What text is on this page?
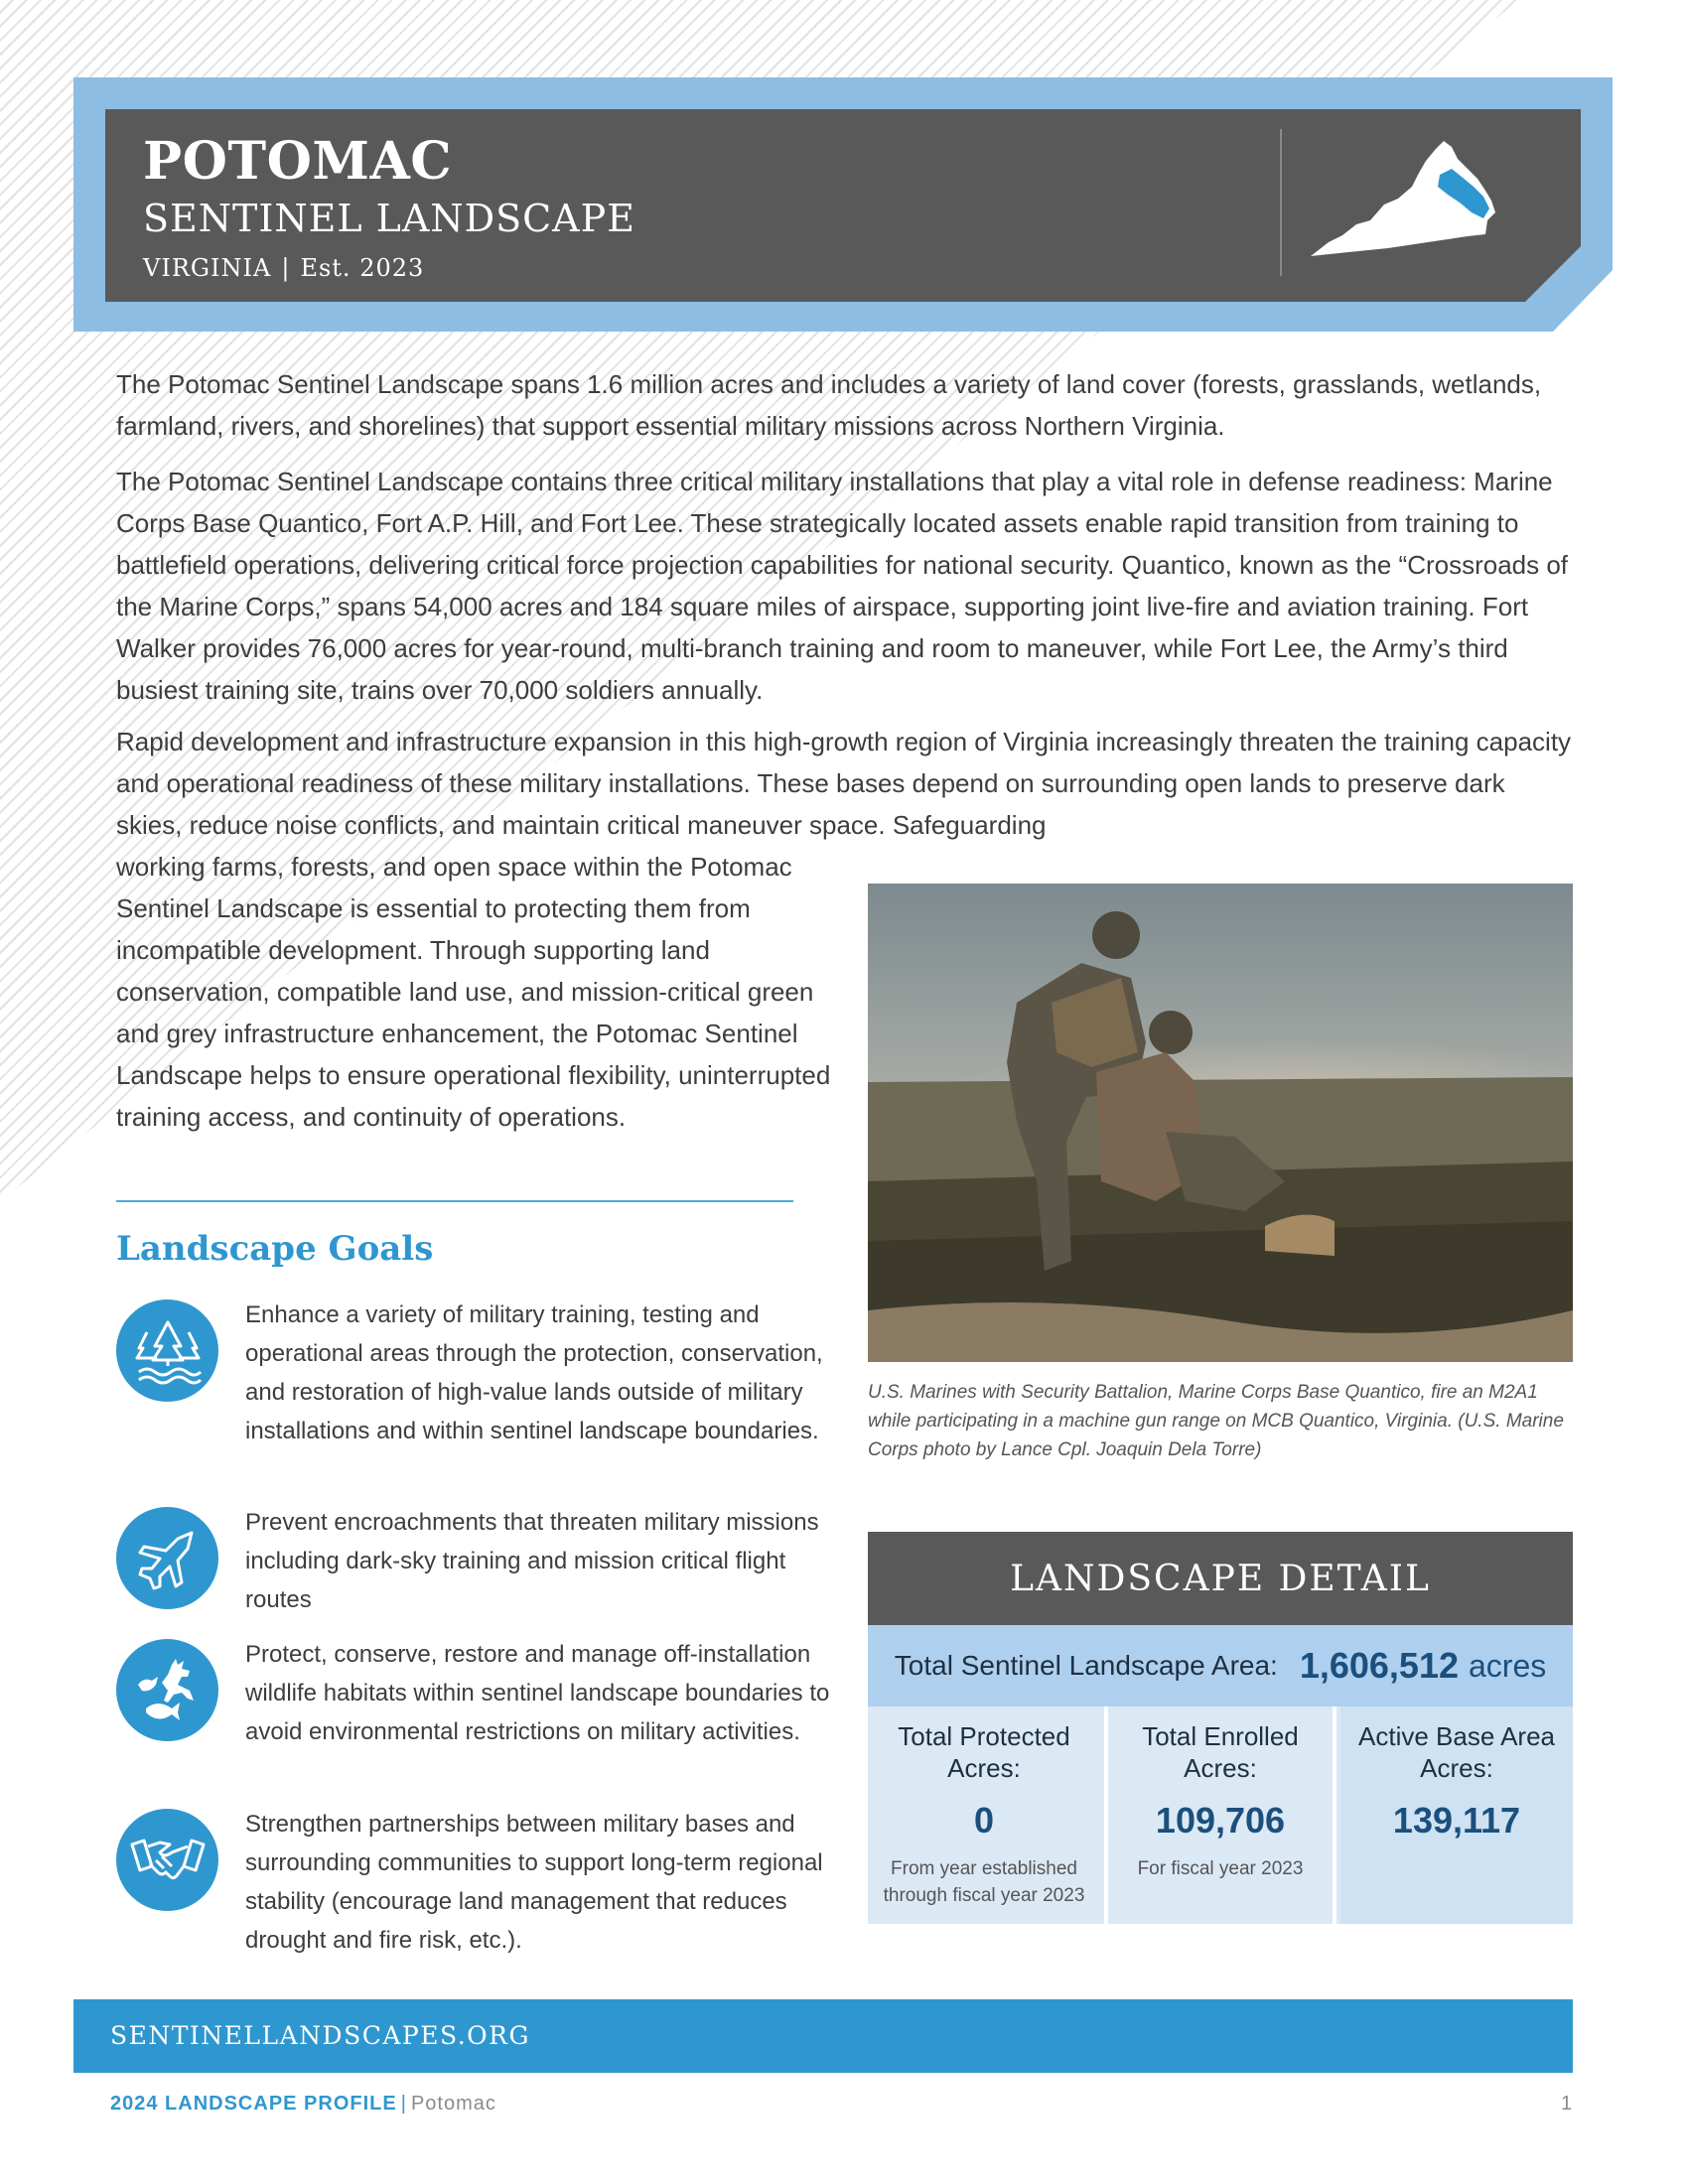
POTOMAC
SENTINEL LANDSCAPE
VIRGINIA | Est. 2023

The Potomac Sentinel Landscape spans 1.6 million acres and includes a variety of land cover (forests, grasslands, wetlands, farmland, rivers, and shorelines) that support essential military missions across Northern Virginia.

The Potomac Sentinel Landscape contains three critical military installations that play a vital role in defense readiness: Marine Corps Base Quantico, Fort A.P. Hill, and Fort Lee. These strategically located assets enable rapid transition from training to battlefield operations, delivering critical force projection capabilities for national security. Quantico, known as the “Crossroads of the Marine Corps,” spans 54,000 acres and 184 square miles of airspace, supporting joint live-fire and aviation training. Fort Walker provides 76,000 acres for year-round, multi-branch training and room to maneuver, while Fort Lee, the Army’s third busiest training site, trains over 70,000 soldiers annually.

Rapid development and infrastructure expansion in this high-growth region of Virginia increasingly threaten the training capacity and operational readiness of these military installations. These bases depend on surrounding open lands to preserve dark skies, reduce noise conflicts, and maintain critical maneuver space. Safeguarding

working farms, forests, and open space within the Potomac Sentinel Landscape is essential to protecting them from incompatible development. Through supporting land conservation, compatible land use, and mission-critical green and grey infrastructure enhancement, the Potomac Sentinel Landscape helps to ensure operational flexibility, uninterrupted training access, and continuity of operations.

U.S. Marines with Security Battalion, Marine Corps Base Quantico, fire an M2A1 while participating in a machine gun range on MCB Quantico, Virginia. (U.S. Marine Corps photo by Lance Cpl. Joaquin Dela Torre)

Landscape Goals
Enhance a variety of military training, testing and operational areas through the protection, conservation, and restoration of high-value lands outside of military installations and within sentinel landscape boundaries.
Prevent encroachments that threaten military missions including dark-sky training and mission critical flight routes
Protect, conserve, restore and manage off-installation wildlife habitats within sentinel landscape boundaries to avoid environmental restrictions on military activities.
Strengthen partnerships between military bases and surrounding communities to support long-term regional stability (encourage land management that reduces drought and fire risk, etc.).
LANDSCAPE DETAIL
Total Sentinel Landscape Area: 1,606,512 acres
Total Protected Acres:
0
From year established through fiscal year 2023
Total Enrolled Acres:
109,706
For fiscal year 2023
Active Base Area Acres:
139,117
SENTINELLANDSCAPES.ORG
2024 LANDSCAPE PROFILE | Potomac	1
